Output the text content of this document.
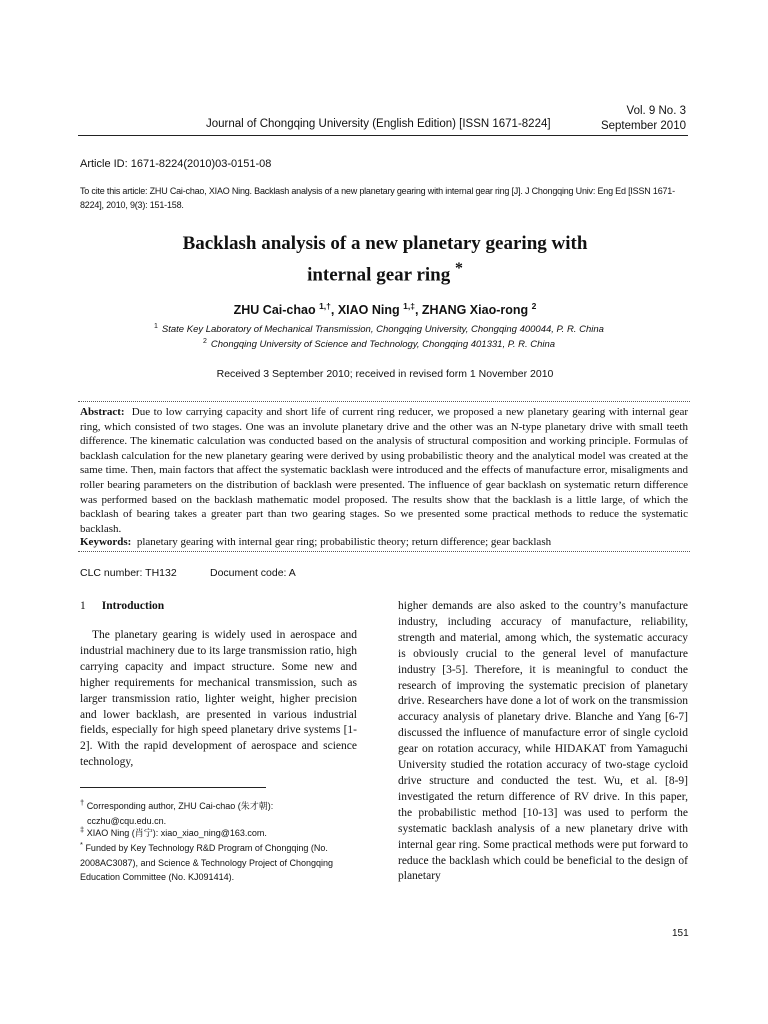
Journal of Chongqing University (English Edition) [ISSN 1671-8224]
Vol. 9 No. 3
September 2010
Article ID: 1671-8224(2010)03-0151-08
To cite this article: ZHU Cai-chao, XIAO Ning. Backlash analysis of a new planetary gearing with internal gear ring [J]. J Chongqing Univ: Eng Ed [ISSN 1671-8224], 2010, 9(3): 151-158.
Backlash analysis of a new planetary gearing with
internal gear ring *
ZHU Cai-chao $^{1,\dagger}$, XIAO Ning $^{1,\ddagger}$, ZHANG Xiao-rong $^2$
$^1$ State Key Laboratory of Mechanical Transmission, Chongqing University, Chongqing 400044, P. R. China
$^2$ Chongqing University of Science and Technology, Chongqing 401331, P. R. China
Received 3 September 2010; received in revised form 1 November 2010
Abstract: Due to low carrying capacity and short life of current ring reducer, we proposed a new planetary gearing with internal gear ring, which consisted of two stages. One was an involute planetary drive and the other was an N-type planetary drive with small teeth difference. The kinematic calculation was conducted based on the analysis of structural composition and working principle. Formulas of backlash calculation for the new planetary gearing were derived by using probabilistic theory and the analytical model was created at the same time. Then, main factors that affect the systematic backlash were introduced and the effects of manufacture error, misaligments and roller bearing parameters on the distribution of backlash were presented. The influence of gear backlash on systematic return difference was performed based on the backlash mathematic model proposed. The results show that the backlash is a little large, of which the backlash of bearing takes a greater part than two gearing stages. So we presented some practical methods to reduce the systematic backlash.
Keywords: planetary gearing with internal gear ring; probabilistic theory; return difference; gear backlash
CLC number: TH132	Document code: A
1 Introduction
The planetary gearing is widely used in aerospace and industrial machinery due to its large transmission ratio, high carrying capacity and impact structure. Some new and higher requirements for mechanical transmission, such as larger transmission ratio, lighter weight, higher precision and lower backlash, are presented in various industrial fields, especially for high speed planetary drive systems [1-2]. With the rapid development of aerospace and science technology,
† Corresponding author, ZHU Cai-chao (朱才朝):
cczhu@cqu.edu.cn.
‡ XIAO Ning (肖宁): xiao_xiao_ning@163.com.
* Funded by Key Technology R&D Program of Chongqing (No. 2008AC3087), and Science & Technology Project of Chongqing Education Committee (No. KJ091414).
higher demands are also asked to the country’s manufacture industry, including accuracy of manufacture, reliability, strength and material, among which, the systematic accuracy is obviously crucial to the general level of manufacture industry [3-5]. Therefore, it is meaningful to conduct the research of improving the systematic precision of planetary drive. Researchers have done a lot of work on the transmission accuracy analysis of planetary drive. Blanche and Yang [6-7] discussed the influence of manufacture error of single cycloid gear on rotation accuracy, while HIDAKAT from Yamaguchi University studied the rotation accuracy of two-stage cycloid drive structure and conducted the test. Wu, et al. [8-9] investigated the return difference of RV drive. In this paper, the probabilistic method [10-13] was used to perform the systematic backlash analysis of a new planetary drive with internal gear ring. Some practical methods were put forward to reduce the backlash which could be beneficial to the design of planetary
151
